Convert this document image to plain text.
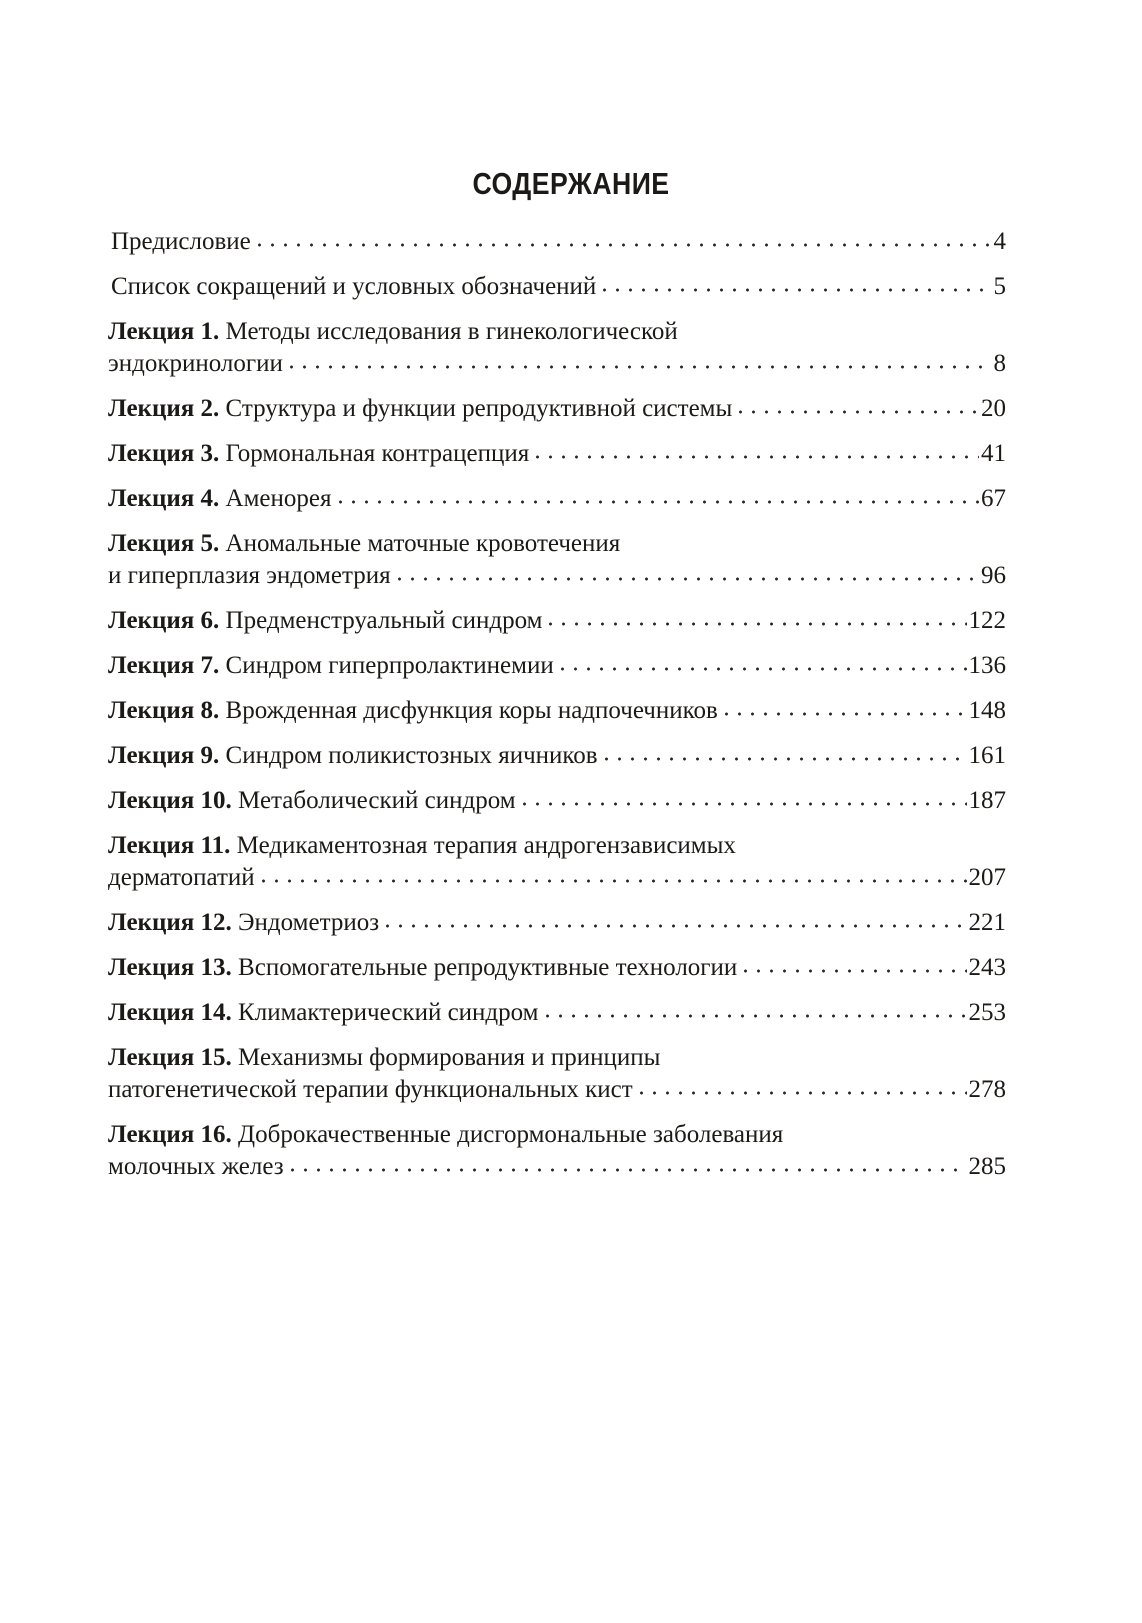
СОДЕРЖАНИЕ
Предисловие	4
Список сокращений и условных обозначений	5
Лекция 1. Методы исследования в гинекологической
эндокринологии	8
Лекция 2. Структура и функции репродуктивной системы	20
Лекция 3. Гормональная контрацепция	41
Лекция 4. Аменорея	67
Лекция 5. Аномальные маточные кровотечения
и гиперплазия эндометрия	96
Лекция 6. Предменструальный синдром	122
Лекция 7. Синдром гиперпролактинемии	136
Лекция 8. Врожденная дисфункция коры надпочечников	148
Лекция 9. Синдром поликистозных яичников	161
Лекция 10. Метаболический синдром	187
Лекция 11. Медикаментозная терапия андрогензависимых
дерматопатий	207
Лекция 12. Эндометриоз	221
Лекция 13. Вспомогательные репродуктивные технологии	243
Лекция 14. Климактерический синдром	253
Лекция 15. Механизмы формирования и принципы
патогенетической терапии функциональных кист	278
Лекция 16. Доброкачественные дисгормональные заболевания
молочных желез	285
